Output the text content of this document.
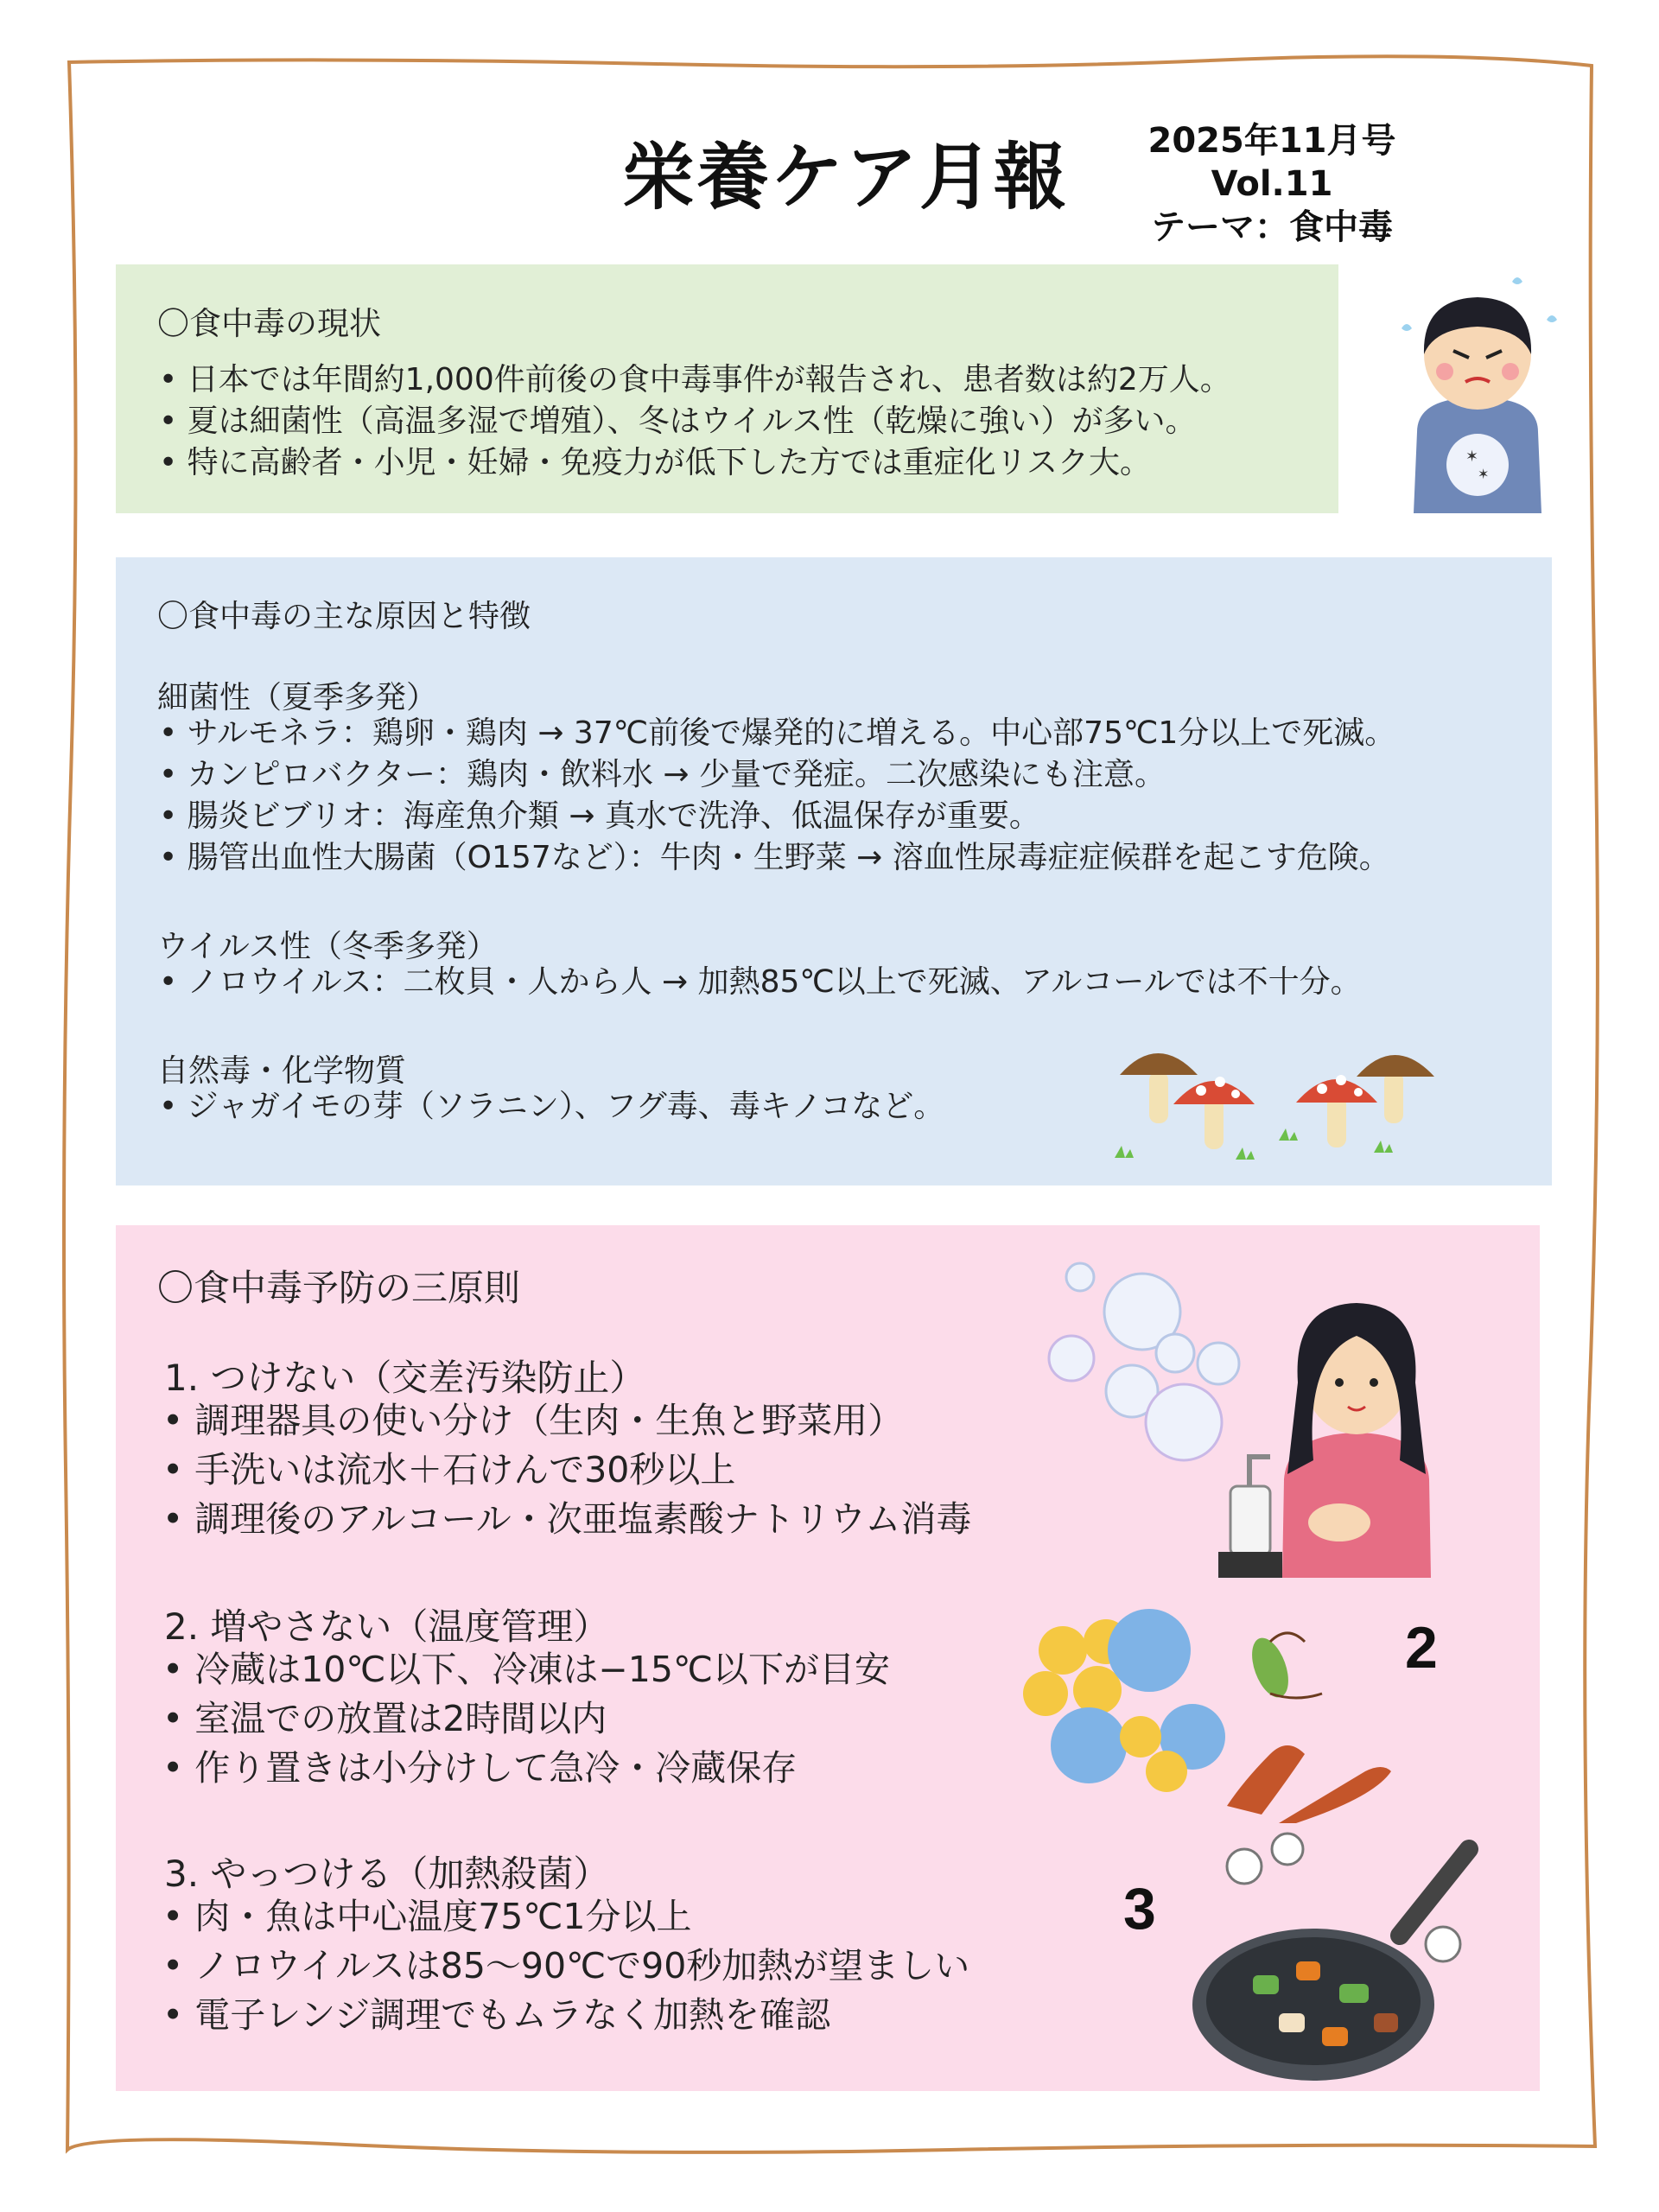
栄養ケア月報	2025年11月号Vol.11
テーマ：食中毒
〇食中毒の現状
• 日本では年間約1,000件前後の食中毒事件が報告され、患者数は約2万人。
• 夏は細菌性（高温多湿で増殖）、冬はウイルス性（乾燥に強い）が多い。
• 特に高齢者・小児・妊婦・免疫力が低下した方では重症化リスク大。	✶
✶
〇食中毒の主な原因と特徴
細菌性（夏季多発）
• サルモネラ：鶏卵・鶏肉 → 37℃前後で爆発的に増える。中心部75℃1分以上で死滅。
• カンピロバクター：鶏肉・飲料水 → 少量で発症。二次感染にも注意。
• 腸炎ビブリオ：海産魚介類 → 真水で洗浄、低温保存が重要。
• 腸管出血性大腸菌（O157など）：牛肉・生野菜 → 溶血性尿毒症症候群を起こす危険。
ウイルス性（冬季多発）
• ノロウイルス：二枚貝・人から人 → 加熱85℃以上で死滅、アルコールでは不十分。
自然毒・化学物質
• ジャガイモの芽（ソラニン）、フグ毒、毒キノコなど。
〇食中毒予防の三原則
1. つけない（交差汚染防止）
• 調理器具の使い分け（生肉・生魚と野菜用）
• 手洗いは流水＋石けんで30秒以上
• 調理後のアルコール・次亜塩素酸ナトリウム消毒
2. 増やさない（温度管理）
• 冷蔵は10℃以下、冷凍は−15℃以下が目安
• 室温での放置は2時間以内
• 作り置きは小分けして急冷・冷蔵保存
3. やっつける（加熱殺菌）
• 肉・魚は中心温度75℃1分以上
• ノロウイルスは85〜90℃で90秒加熱が望ましい
• 電子レンジ調理でもムラなく加熱を確認
2
3
